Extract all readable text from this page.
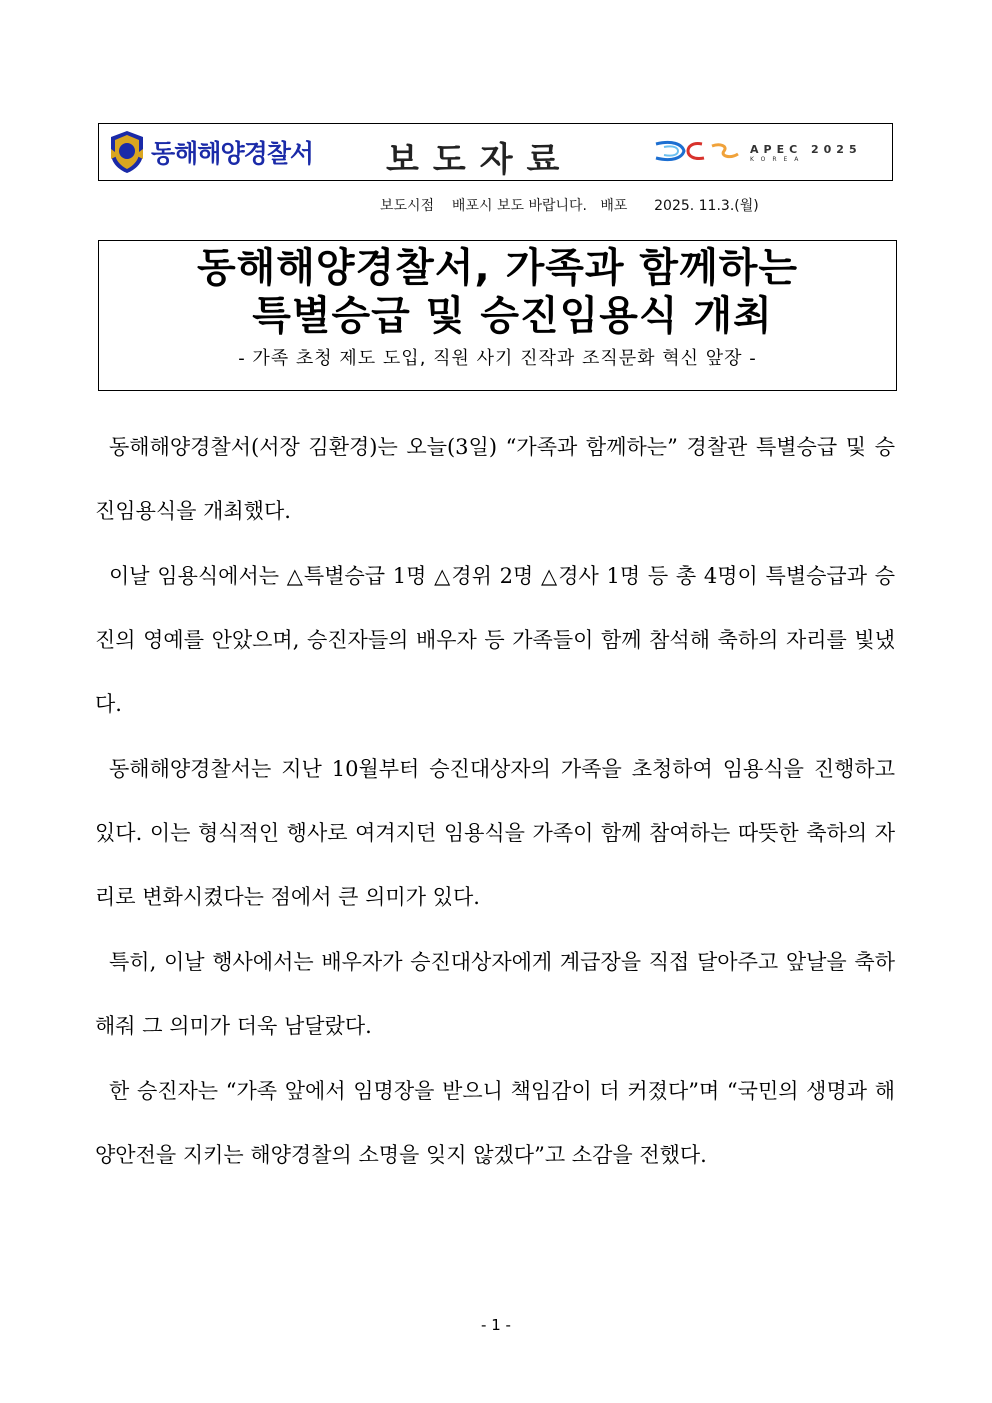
동해해양경찰서 보도자료	APEC 2025
KOREA
보도시점 배포시 보도 바랍니다. 배포 2025. 11.3.(월)
동해해양경찰서, 가족과 함께하는
특별승급 및 승진임용식 개최
- 가족 초청 제도 도입, 직원 사기 진작과 조직문화 혁신 앞장 -

동해해양경찰서(서장 김환경)는 오늘(3일) “가족과 함께하는” 경찰관 특별승급 및 승진임용식을 개최했다.

이날 임용식에서는 △특별승급 1명 △경위 2명 △경사 1명 등 총 4명이 특별승급과 승진의 영예를 안았으며, 승진자들의 배우자 등 가족들이 함께 참석해 축하의 자리를 빛냈다.

동해해양경찰서는 지난 10월부터 승진대상자의 가족을 초청하여 임용식을 진행하고 있다. 이는 형식적인 행사로 여겨지던 임용식을 가족이 함께 참여하는 따뜻한 축하의 자리로 변화시켰다는 점에서 큰 의미가 있다.

특히, 이날 행사에서는 배우자가 승진대상자에게 계급장을 직접 달아주고 앞날을 축하해줘 그 의미가 더욱 남달랐다.

한 승진자는 “가족 앞에서 임명장을 받으니 책임감이 더 커졌다”며 “국민의 생명과 해양안전을 지키는 해양경찰의 소명을 잊지 않겠다”고 소감을 전했다.

- 1 -
